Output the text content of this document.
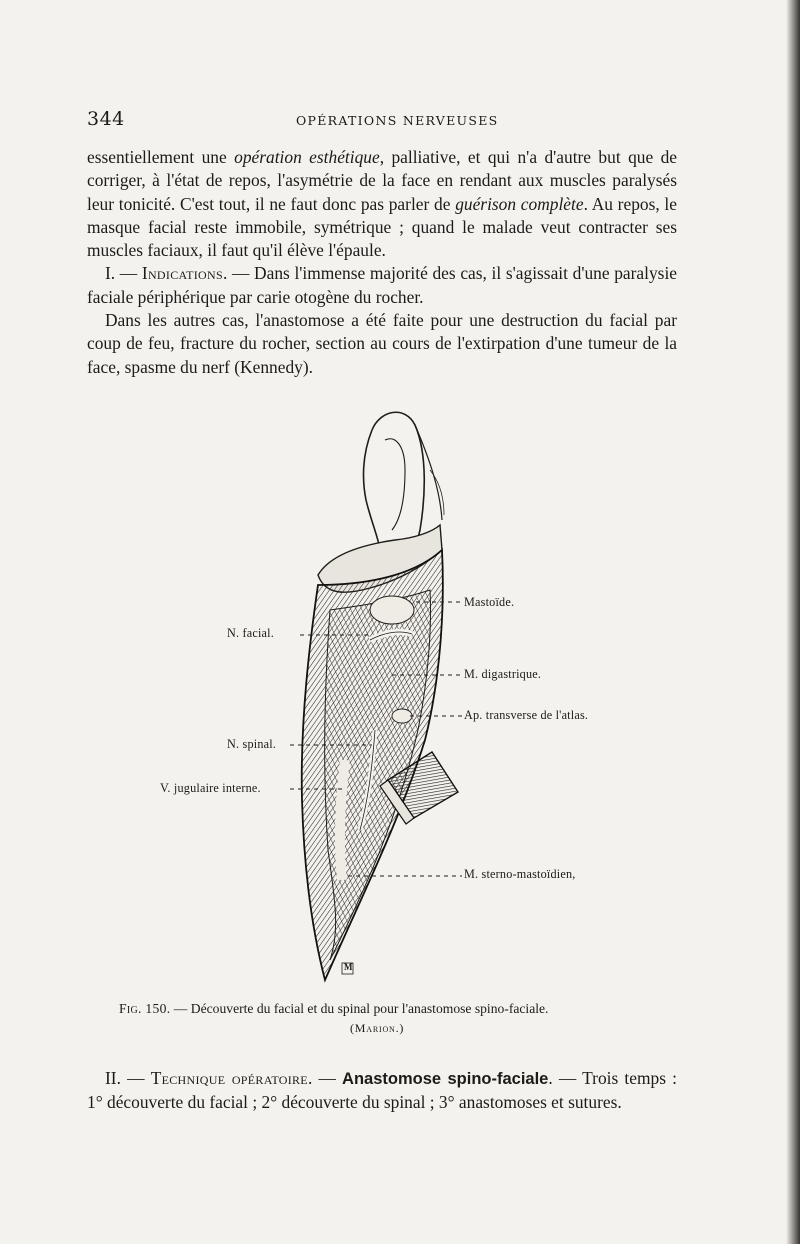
344	OPÉRATIONS NERVEUSES

essentiellement une opération esthétique, palliative, et qui n'a d'autre but que de corriger, à l'état de repos, l'asymétrie de la face en rendant aux muscles paralysés leur tonicité. C'est tout, il ne faut donc pas parler de guérison complète. Au repos, le masque facial reste immobile, symétrique ; quand le malade veut contracter ses muscles faciaux, il faut qu'il élève l'épaule.

I. — Indications. — Dans l'immense majorité des cas, il s'agissait d'une paralysie faciale périphérique par carie otogène du rocher.

Dans les autres cas, l'anastomose a été faite pour une destruction du facial par coup de feu, fracture du rocher, section au cours de l'extirpation d'une tumeur de la face, spasme du nerf (Kennedy).

Mastoïde.
N. facial.
M. digastrique.
Ap. transverse de l'atlas.
N. spinal.
V. jugulaire interne.
M. sterno-mastoïdien,
M
Fig. 150. — Découverte du facial et du spinal pour l'anastomose spino-faciale.
(Marion.)

II. — Technique opératoire. — Anastomose spino-faciale. — Trois temps : 1° découverte du facial ; 2° découverte du spinal ; 3° anastomoses et sutures.
